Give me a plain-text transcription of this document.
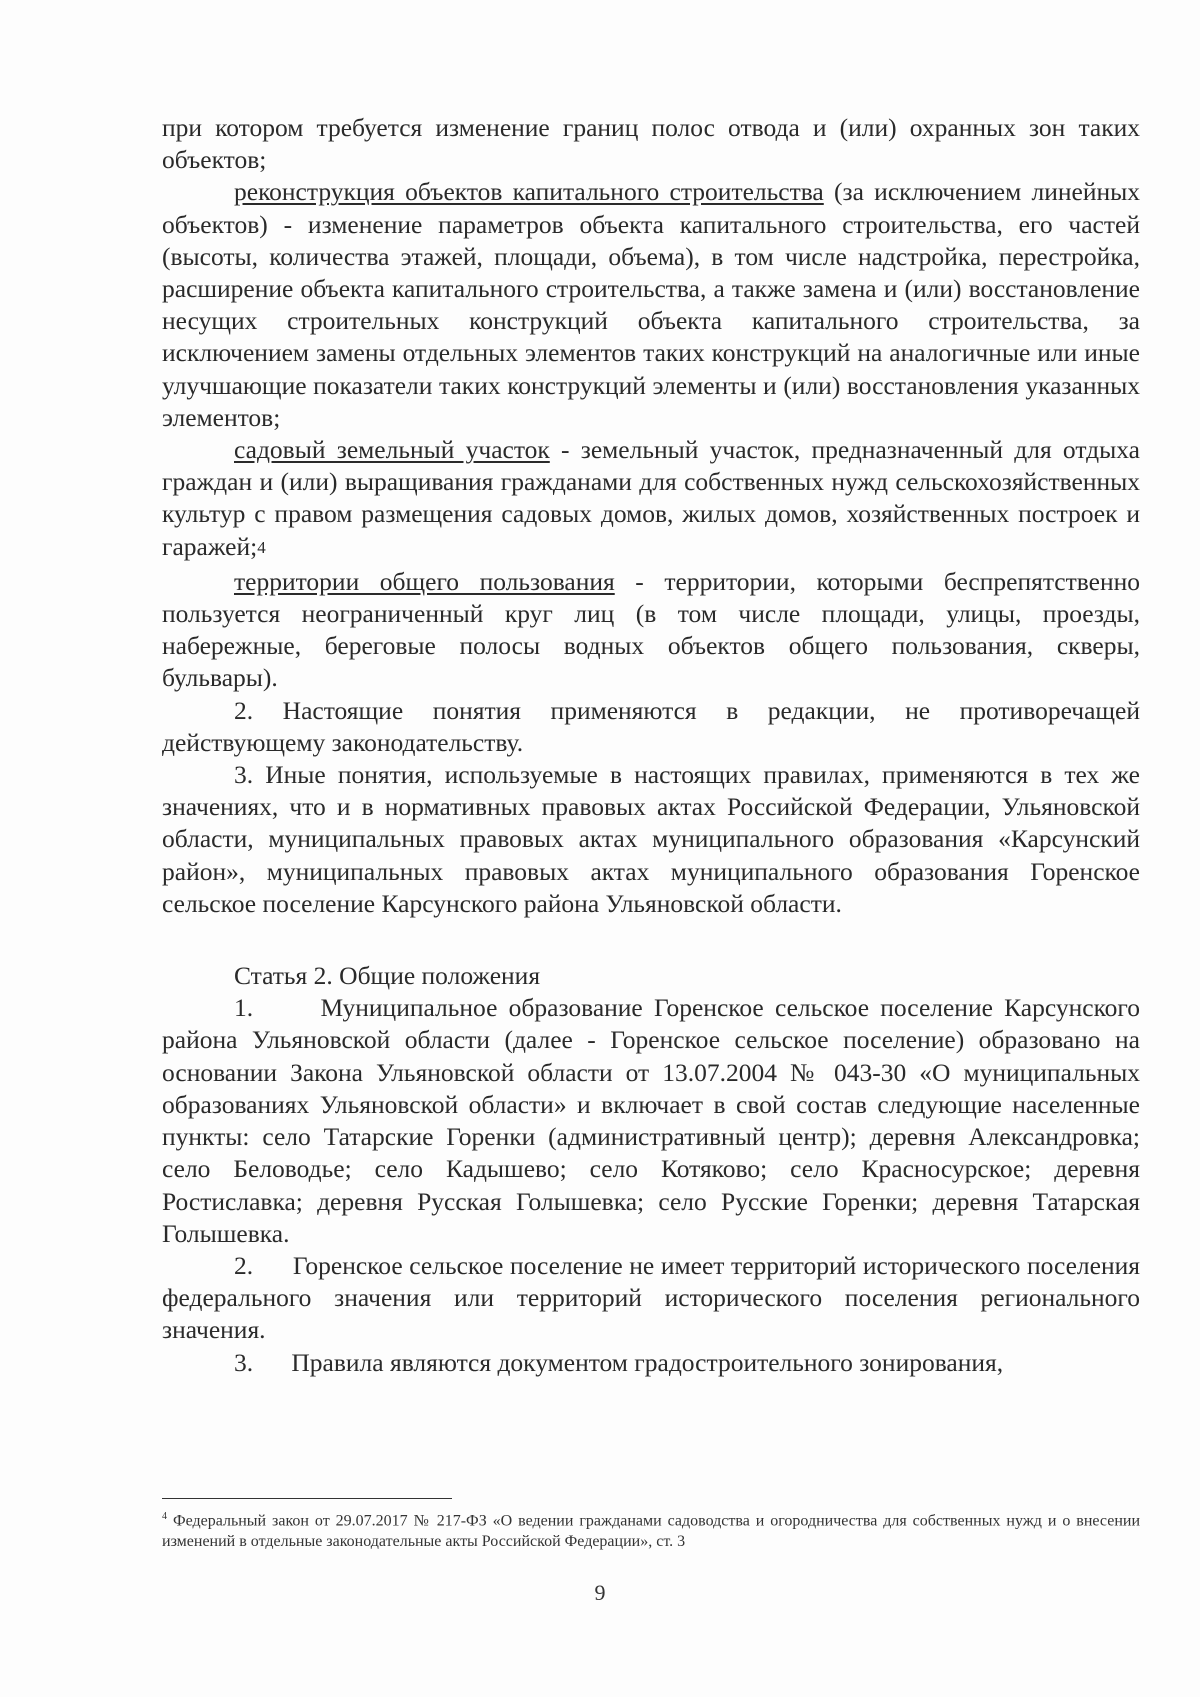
при котором требуется изменение границ полос отвода и (или) охранных зон таких объектов;

реконструкция объектов капитального строительства (за исключением линейных объектов) - изменение параметров объекта капитального строительства, его частей (высоты, количества этажей, площади, объема), в том числе надстройка, перестройка, расширение объекта капитального строительства, а также замена и (или) восстановление несущих строительных конструкций объекта капитального строительства, за исключением замены отдельных элементов таких конструкций на аналогичные или иные улучшающие показатели таких конструкций элементы и (или) восстановления указанных элементов;

садовый земельный участок - земельный участок, предназначенный для отдыха граждан и (или) выращивания гражданами для собственных нужд сельскохозяйственных культур с правом размещения садовых домов, жилых домов, хозяйственных построек и гаражей;$^4$

территории общего пользования - территории, которыми беспрепятственно пользуется неограниченный круг лиц (в том числе площади, улицы, проезды, набережные, береговые полосы водных объектов общего пользования, скверы, бульвары).

2. Настоящие понятия применяются в редакции, не противоречащей действующему законодательству.

3. Иные понятия, используемые в настоящих правилах, применяются в тех же значениях, что и в нормативных правовых актах Российской Федерации, Ульяновской области, муниципальных правовых актах муниципального образования «Карсунский район», муниципальных правовых актах муниципального образования Горенское сельское поселение Карсунского района Ульяновской области.

Статья 2. Общие положения

1.      Муниципальное образование Горенское сельское поселение Карсунского района Ульяновской области (далее - Горенское сельское поселение) образовано на основании Закона Ульяновской области от 13.07.2004 № 043-30 «О муниципальных образованиях Ульяновской области» и включает в свой состав следующие населенные пункты: село Татарские Горенки (административный центр); деревня Александровка; село Беловодье; село Кадышево; село Котяково; село Красносурское; деревня Ростиславка; деревня Русская Голышевка; село Русские Горенки; деревня Татарская Голышевка.

2.      Горенское сельское поселение не имеет территорий исторического поселения федерального значения или территорий исторического поселения регионального значения.

3.      Правила являются документом градостроительного зонирования,

$^4$ Федеральный закон от 29.07.2017 № 217-ФЗ «О ведении гражданами садоводства и огородничества для собственных нужд и о внесении изменений в отдельные законодательные акты Российской Федерации», ст. 3
9
